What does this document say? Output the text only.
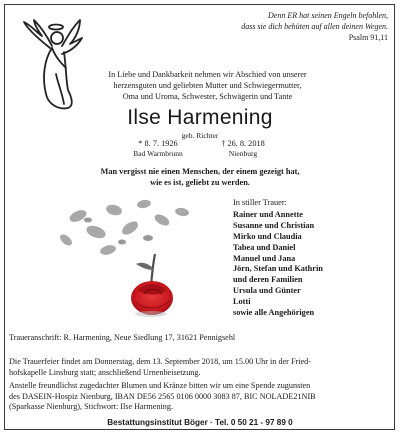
Denn ER hat seinen Engeln befohlen,
dass sie dich behüten auf allen deinen Wegen.
Psalm 91,11
In Liebe und Dankbarkeit nehmen wir Abschied von unserer
herzensguten und geliebten Mutter und Schwiegermutter,
Oma und Uroma, Schwester, Schwägerin und Tante
Ilse Harmening
geb. Richter
* 8. 7. 1926
Bad Warmbrunn
† 26. 8. 2018
Nienburg
Man vergisst nie einen Menschen, der einem gezeigt hat,
wie es ist, geliebt zu werden.
In stiller Trauer:
Rainer und Annette
Susanne und Christian
Mirko und Claudia
Tabea und Daniel
Manuel und Jana
Jörn, Stefan und Kathrin
und deren Familien
Ursula und Günter
Lotti
sowie alle Angehörigen
Traueranschrift: R. Harmening, Neue Siedlung 17, 31621 Pennigsehl
Die Trauerfeier findet am Donnerstag, dem 13. September 2018, um 15.00 Uhr in der Fried-
hofskapelle Linsburg statt; anschließend Urnenbeisetzung.
Anstelle freundlichst zugedachter Blumen und Kränze bitten wir um eine Spende zugunsten
des DASEIN-Hospiz Nienburg, IBAN DE56 2565 0106 0000 3083 87, BIC NOLADE21NIB
(Sparkasse Nienburg), Stichwort: Ilse Harmening.
Bestattungsinstitut Böger · Tel. 0 50 21 - 97 89 0
